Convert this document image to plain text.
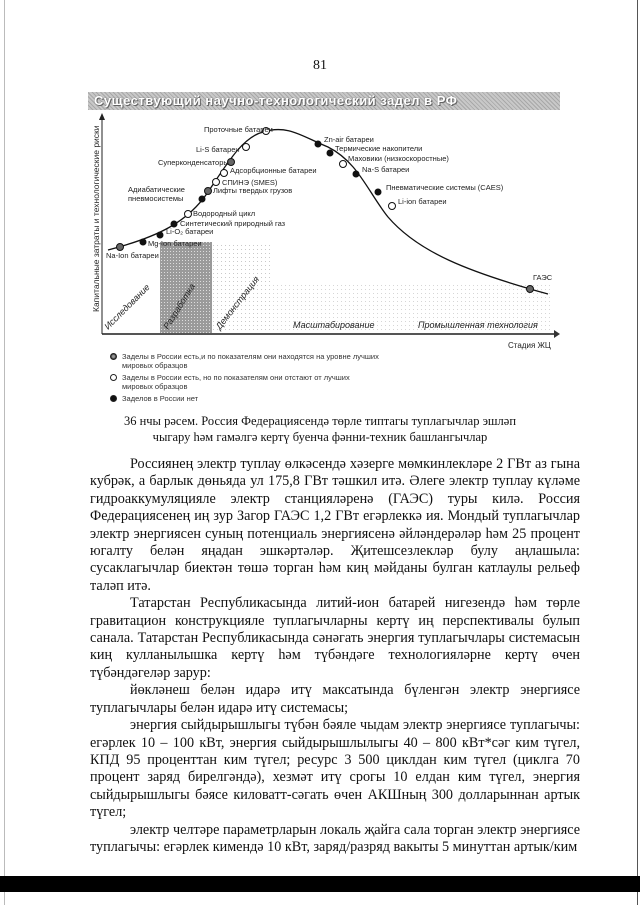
81
Существующий научно-технологический задел в РФ
Na-Ion батареи
Mg-Ion батареи
Li-O₂ батареи
Синтетический природный газ
Водородный цикл
Адиабатические
пневмосистемы
Лифты твердых грузов
СПИНЭ (SMES)
Адсорбционные батареи
Суперконденсаторы
Li-S батареи
Проточные батареи
Zn-air батареи
Термические накопители
Маховики (низкоскоростные)
Na-S батареи
Пневматические системы (CAES)
Li-ion батареи
ГАЭС
Исследование Разработка Демонстрация	Масштабирование	Промышленная технология
Капитальные затраты и технологические риски
Стадия ЖЦ
Заделы в России есть,и по показателям они находятся на уровне лучших мировых образцов
Заделы в России есть, но по показателям они отстают от лучших мировых образцов
Заделов в России нет
36 нчы рәсем. Россия Федерациясендә төрле типтагы туплагычлар эшләп
чыгару һәм гамәлгә кертү буенча фәнни-техник башлангычлар

Россиянең электр туплау өлкәсендә хәзерге мөмкинлекләре 2 ГВт аз гына кубрәк, а барлык дөньяда ул 175,8 ГВт тәшкил итә. Әлеге электр туплау күләме гидроаккумуляцияле электр станцияләренә (ГАЭС) туры килә. Россия Федерациясенең иң зур Загор ГАЭС 1,2 ГВт егәрлеккә ия. Мондый туплагычлар электр энергиясен суның потенциаль энергиясенә әйләндерәләр һәм 25 процент югалту белән яңадан эшкәртәләр. Җитешсезлекләр булу аңлашыла: сусаклагычлар биектән төшә торган һәм киң мәйданы булган катлаулы рельеф таләп итә.

Татарстан Республикасында литий-ион батарей нигезендә һәм төрле гравитацион конструкцияле туплагычларны кертү иң перспективалы булып санала. Татарстан Республикасында сәнәгать энергия туплагычлары системасын киң кулланылышка кертү һәм түбәндәге технологияләрне кертү өчен түбәндәгеләр зарур:

йөкләнеш белән идарә итү максатында бүленгән электр энергиясе туплагычлары белән идарә итү системасы;

энергия сыйдырышлыгы түбән бәяле чыдам электр энергиясе туплагычы: егәрлек 10 – 100 кВт, энергия сыйдырышлылыгы 40 – 800 кВт*сәг ким түгел, КПД 95 проценттан ким түгел; ресурс 3 500 циклдан ким түгел (циклга 70 процент заряд бирелгәндә), хезмәт итү срогы 10 елдан ким түгел, энергия сыйдырышлыгы бәясе киловатт-сәгать өчен АКШның 300 долларыннан артык түгел;

электр челтәре параметрларын локаль җайга сала торган электр энергиясе туплагычы: егәрлек кимендә 10 кВт, заряд/разряд вакыты 5 минуттан артык/ким
